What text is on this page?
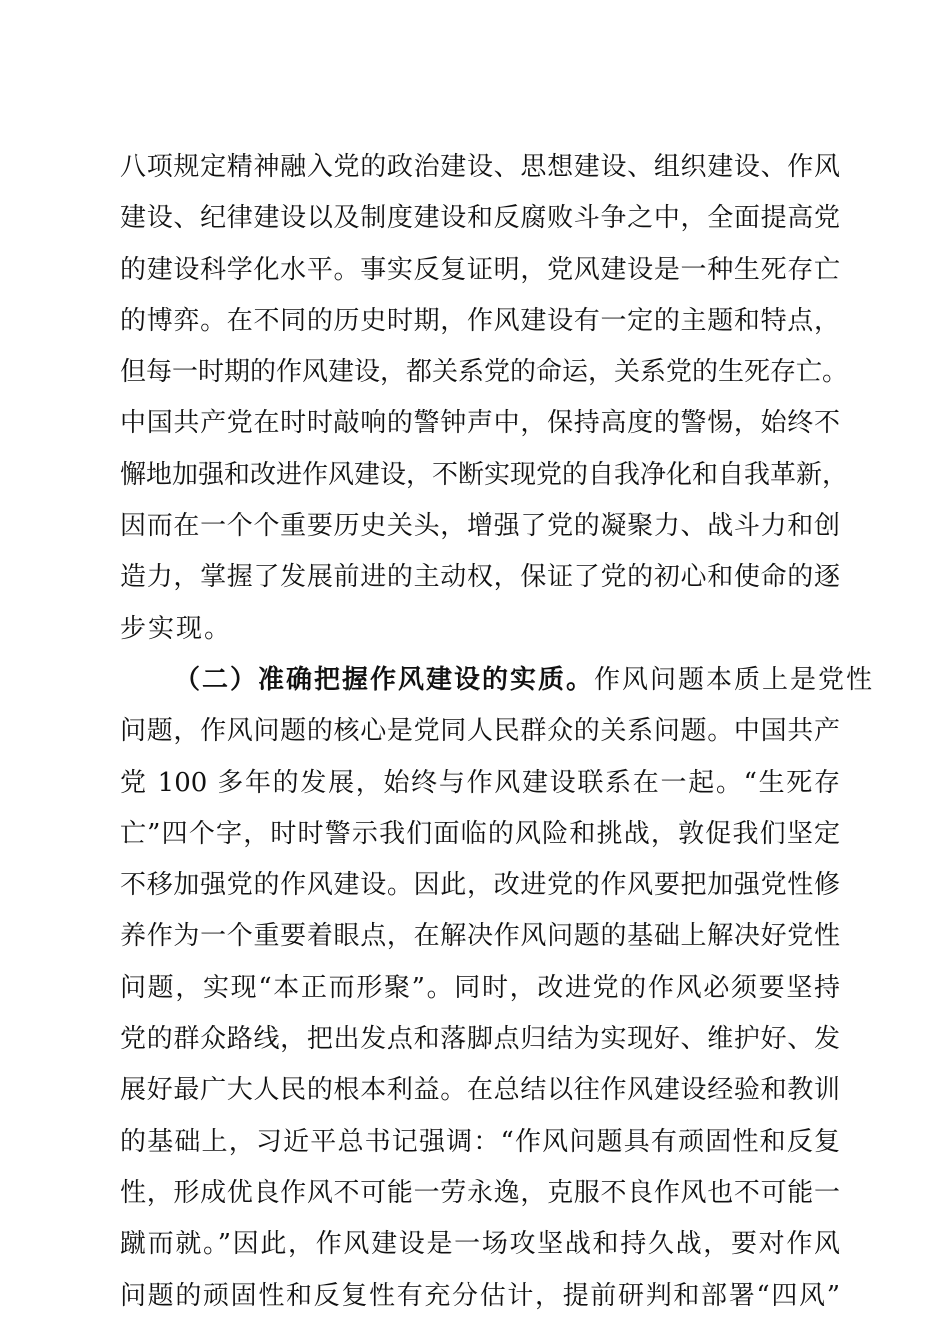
八项规定精神融入党的政治建设、思想建设、组织建设、作风
建设、纪律建设以及制度建设和反腐败斗争之中，全面提高党
的建设科学化水平。事实反复证明，党风建设是一种生死存亡
的博弈。在不同的历史时期，作风建设有一定的主题和特点，
但每一时期的作风建设，都关系党的命运，关系党的生死存亡。
中国共产党在时时敲响的警钟声中，保持高度的警惕，始终不
懈地加强和改进作风建设，不断实现党的自我净化和自我革新，
因而在一个个重要历史关头，增强了党的凝聚力、战斗力和创
造力，掌握了发展前进的主动权，保证了党的初心和使命的逐
步实现。
（二）准确把握作风建设的实质。作风问题本质上是党性
问题，作风问题的核心是党同人民群众的关系问题。中国共产
党 100 多年的发展，始终与作风建设联系在一起。“生死存
亡”四个字，时时警示我们面临的风险和挑战，敦促我们坚定
不移加强党的作风建设。因此，改进党的作风要把加强党性修
养作为一个重要着眼点，在解决作风问题的基础上解决好党性
问题，实现“本正而形聚”。同时，改进党的作风必须要坚持
党的群众路线，把出发点和落脚点归结为实现好、维护好、发
展好最广大人民的根本利益。在总结以往作风建设经验和教训
的基础上，习近平总书记强调：“作风问题具有顽固性和反复
性，形成优良作风不可能一劳永逸，克服不良作风也不可能一
蹴而就。”因此，作风建设是一场攻坚战和持久战，要对作风
问题的顽固性和反复性有充分估计，提前研判和部署“四风”
